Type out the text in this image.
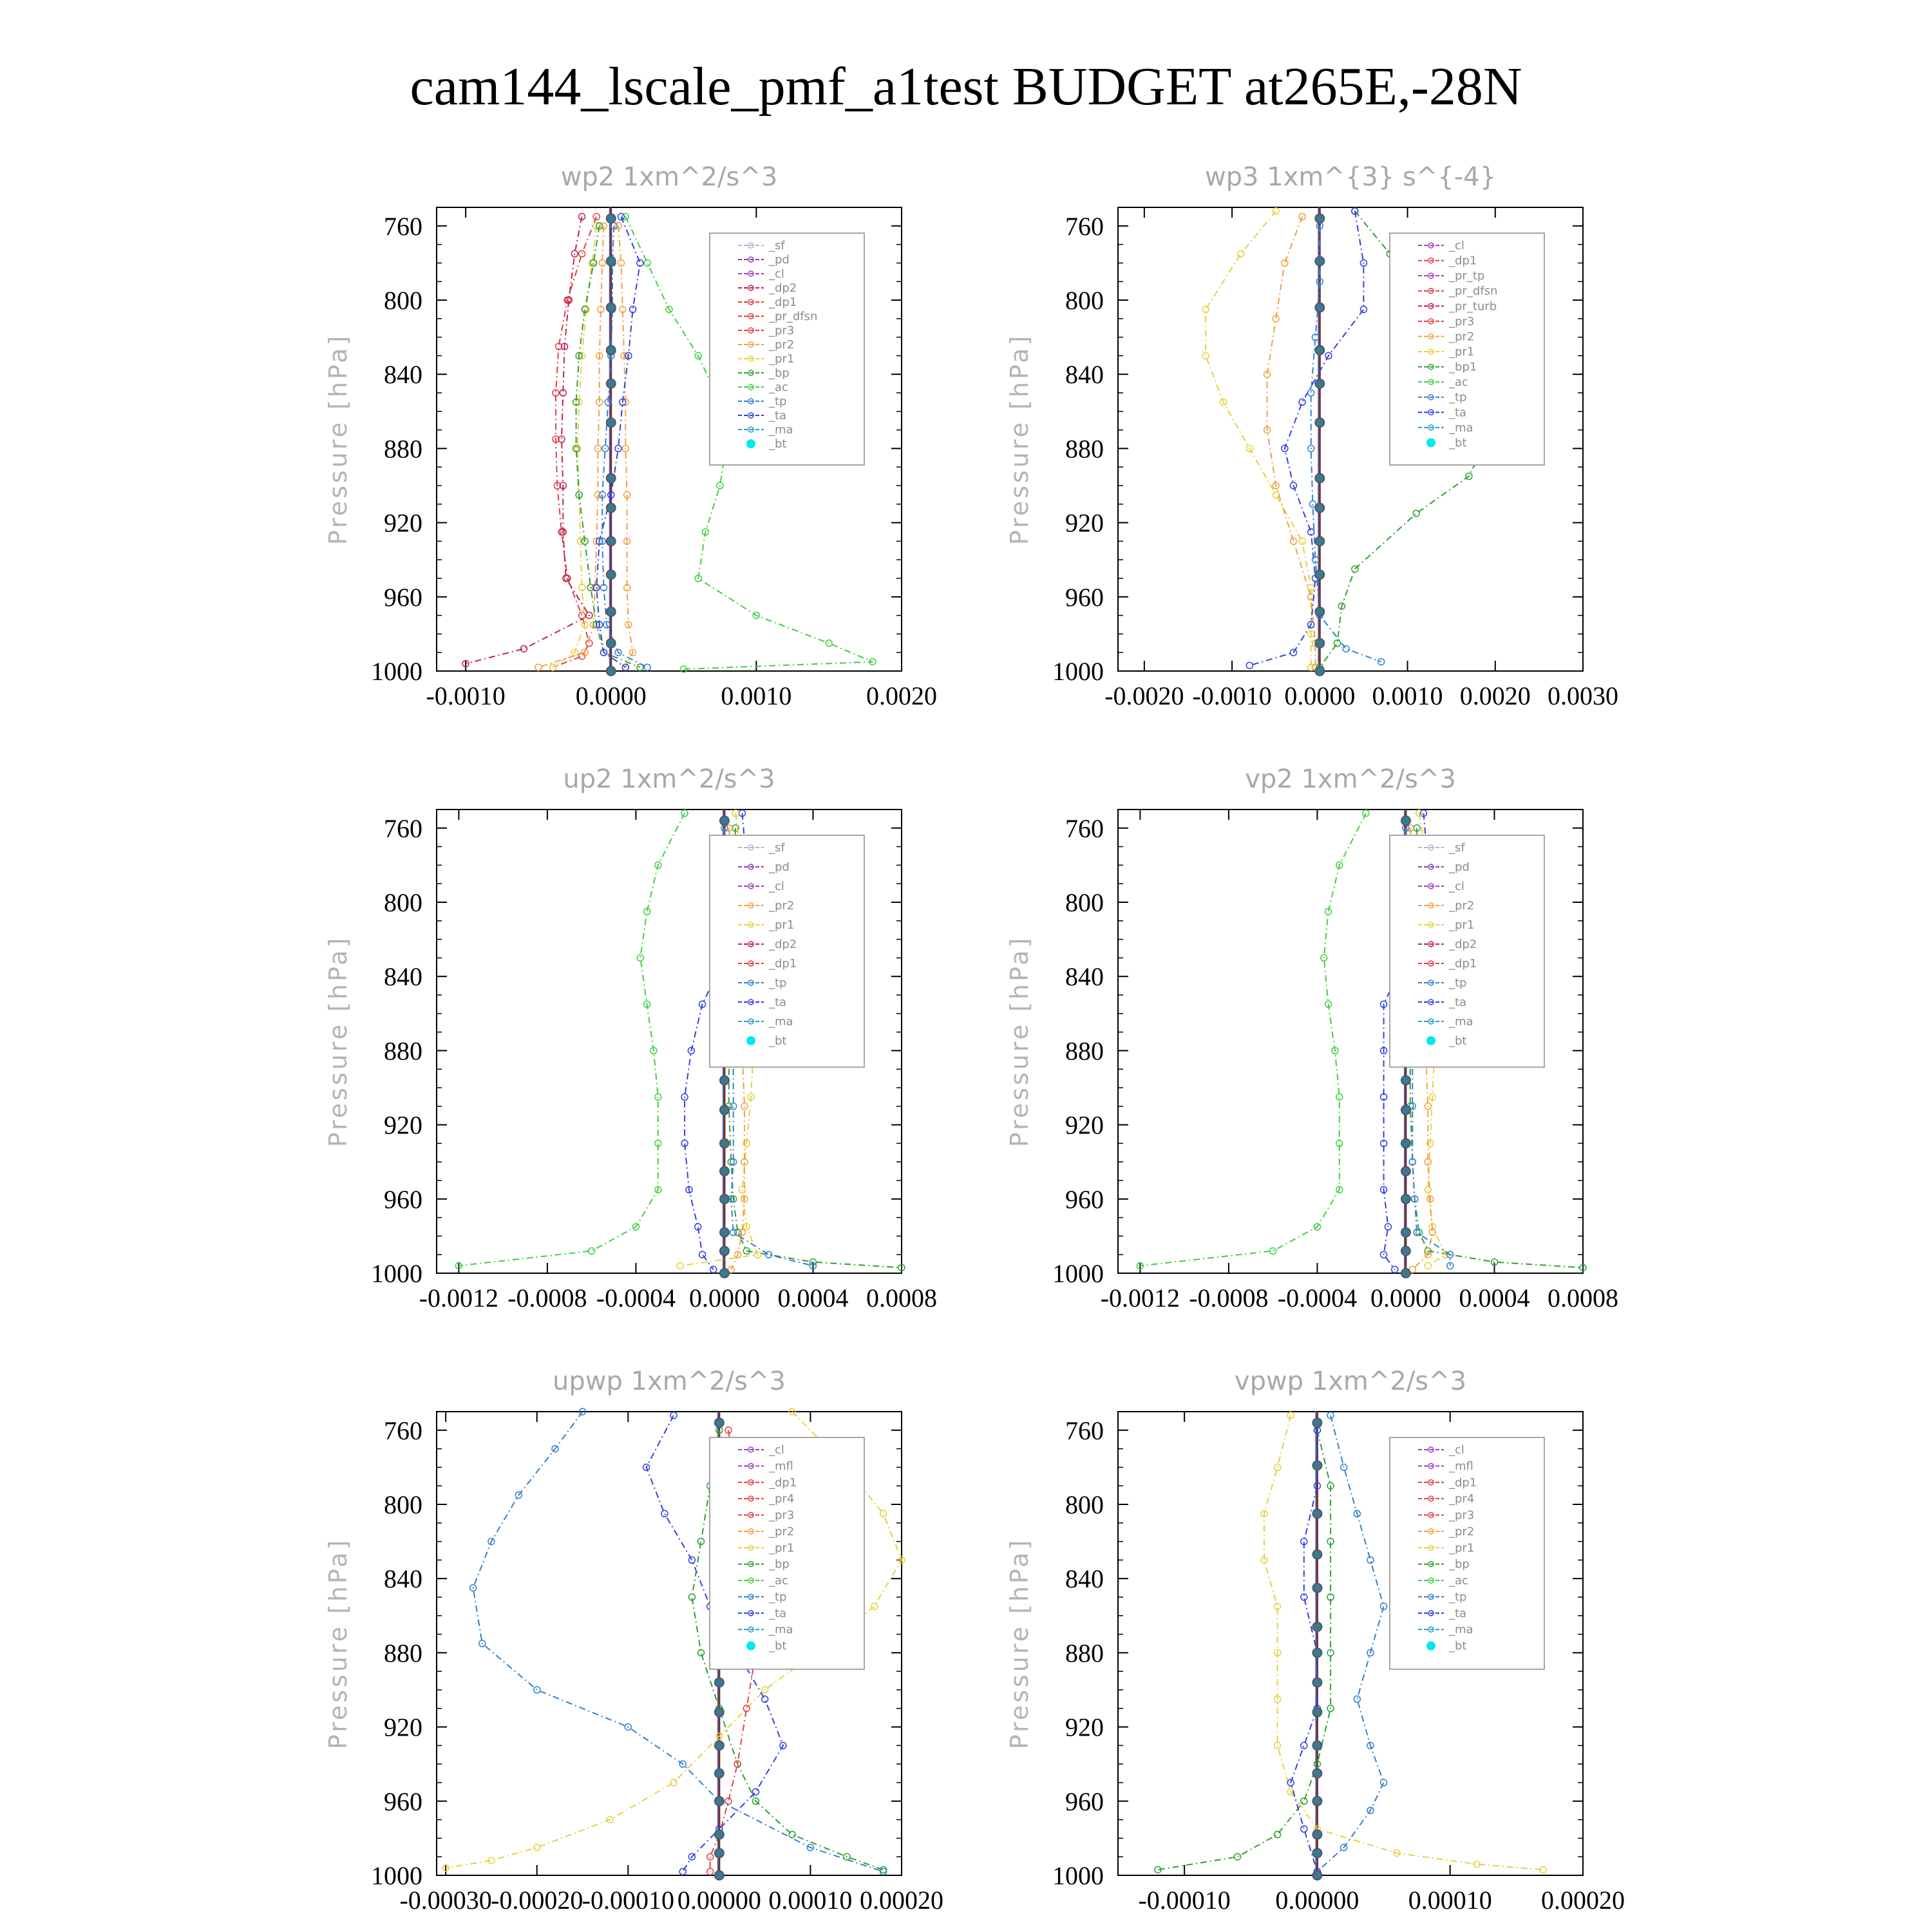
cam144_lscale_pmf_a1test BUDGET at265E,-28N
wp2 1xm^2/s^3
Pressure [hPa]
760
800
840
880
920
960
1000
-0.0010	0.0000	0.0010	0.0020
_sf
_pd
_cl
_dp2
_dp1
_pr_dfsn
_pr3
_pr2
_pr1
_bp
_ac
_tp
_ta
_ma
_bt
wp3 1xm^{3} s^{-4}
Pressure [hPa]
760
800
840
880
920
960
1000
-0.0020 -0.0010 0.0000 0.0010 0.0020 0.0030
_cl
_dp1
_pr_tp
_pr_dfsn
_pr_turb
_pr3
_pr2
_pr1
_bp1
_ac
_tp
_ta
_ma
_bt
up2 1xm^2/s^3
Pressure [hPa]
760
800
840
880
920
960
1000
-0.0012 -0.0008 -0.0004 0.0000 0.0004 0.0008
_sf
_pd
_cl
_pr2
_pr1
_dp2
_dp1
_tp
_ta
_ma
_bt
vp2 1xm^2/s^3
Pressure [hPa]
760
800
840
880
920
960
1000
-0.0012 -0.0008 -0.0004 0.0000 0.0004 0.0008
_sf
_pd
_cl
_pr2
_pr1
_dp2
_dp1
_tp
_ta
_ma
_bt
upwp 1xm^2/s^3
Pressure [hPa]
760
800
840
880
920
960
1000
-0.00030
-0.00020
-0.00010 0.00000 0.00010 0.00020
_cl
_mfl
_dp1
_pr4
_pr3
_pr2
_pr1
_bp
_ac
_tp
_ta
_ma
_bt
vpwp 1xm^2/s^3
Pressure [hPa]
760
800
840
880
920
960
1000
-0.00010 0.00000 0.00010 0.00020
_cl
_mfl
_dp1
_pr4
_pr3
_pr2
_pr1
_bp
_ac
_tp
_ta
_ma
_bt
